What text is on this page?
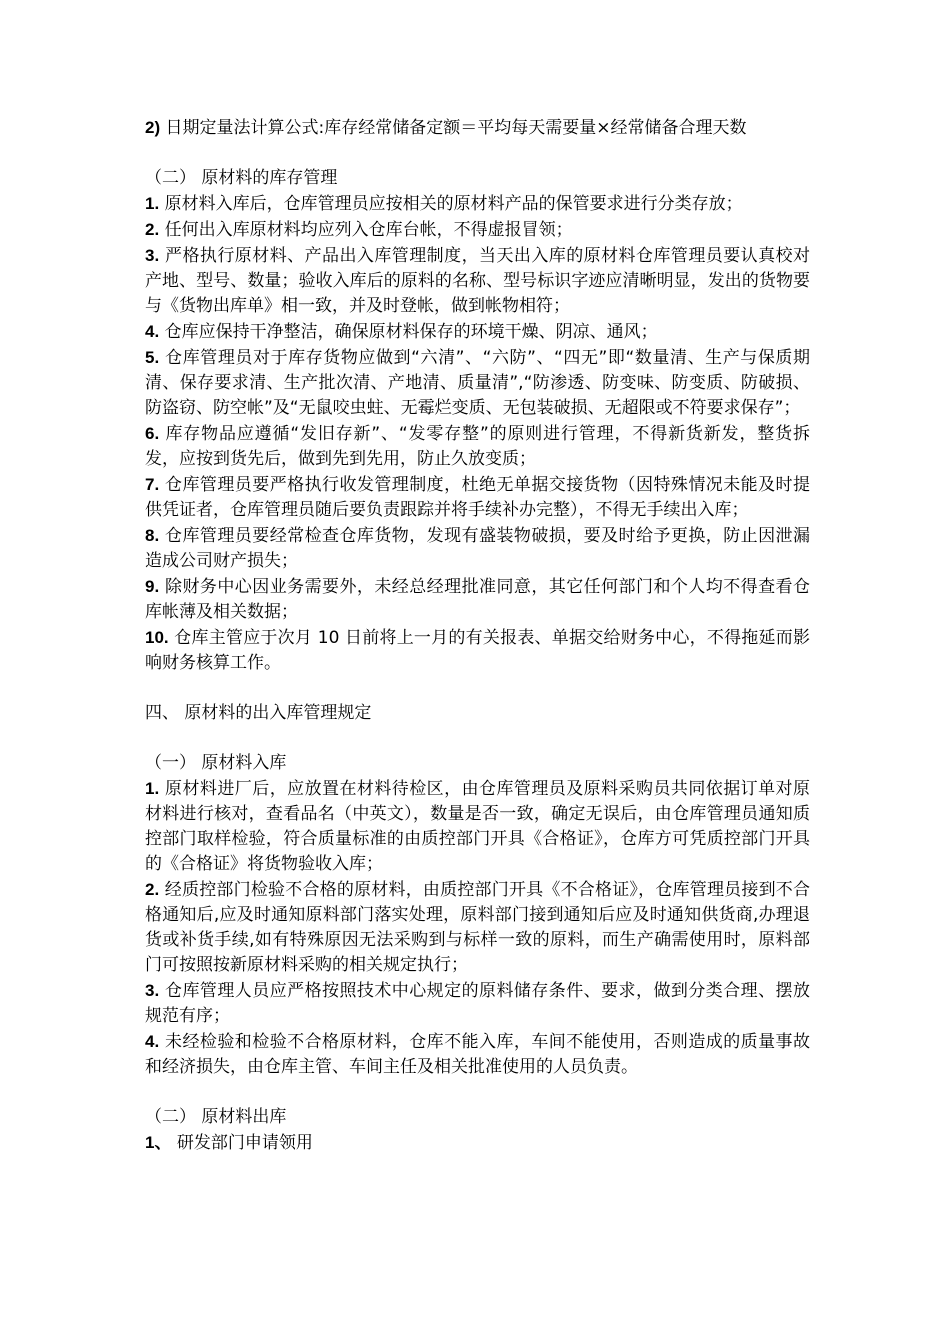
2) 日期定量法计算公式:库存经常储备定额＝平均每天需要量×经常储备合理天数

（二） 原材料的库存管理

1. 原材料入库后，仓库管理员应按相关的原材料产品的保管要求进行分类存放；

2. 任何出入库原材料均应列入仓库台帐，不得虚报冒领；

3. 严格执行原材料、产品出入库管理制度，当天出入库的原材料仓库管理员要认真校对产地、型号、数量；验收入库后的原料的名称、型号标识字迹应清晰明显，发出的货物要与《货物出库单》相一致，并及时登帐，做到帐物相符；

4. 仓库应保持干净整洁，确保原材料保存的环境干燥、阴凉、通风；

5. 仓库管理员对于库存货物应做到“六清”、“六防”、“四无”即“数量清、生产与保质期清、保存要求清、生产批次清、产地清、质量清”,“防渗透、防变味、防变质、防破损、防盗窃、防空帐”及“无鼠咬虫蛀、无霉烂变质、无包装破损、无超限或不符要求保存”；

6. 库存物品应遵循“发旧存新”、“发零存整”的原则进行管理，不得新货新发，整货拆发，应按到货先后，做到先到先用，防止久放变质；

7. 仓库管理员要严格执行收发管理制度，杜绝无单据交接货物（因特殊情况未能及时提供凭证者，仓库管理员随后要负责跟踪并将手续补办完整），不得无手续出入库；

8. 仓库管理员要经常检查仓库货物，发现有盛装物破损，要及时给予更换，防止因泄漏造成公司财产损失；

9. 除财务中心因业务需要外，未经总经理批准同意，其它任何部门和个人均不得查看仓库帐薄及相关数据；

10. 仓库主管应于次月 10 日前将上一月的有关报表、单据交给财务中心，不得拖延而影响财务核算工作。

四、 原材料的出入库管理规定

（一） 原材料入库

1. 原材料进厂后，应放置在材料待检区，由仓库管理员及原料采购员共同依据订单对原材料进行核对，查看品名（中英文），数量是否一致，确定无误后，由仓库管理员通知质控部门取样检验，符合质量标准的由质控部门开具《合格证》，仓库方可凭质控部门开具的《合格证》将货物验收入库；

2. 经质控部门检验不合格的原材料，由质控部门开具《不合格证》，仓库管理员接到不合格通知后,应及时通知原料部门落实处理，原料部门接到通知后应及时通知供货商,办理退货或补货手续,如有特殊原因无法采购到与标样一致的原料，而生产确需使用时，原料部门可按照按新原材料采购的相关规定执行；

3. 仓库管理人员应严格按照技术中心规定的原料储存条件、要求，做到分类合理、摆放规范有序；

4. 未经检验和检验不合格原材料，仓库不能入库，车间不能使用，否则造成的质量事故和经济损失，由仓库主管、车间主任及相关批准使用的人员负责。

（二） 原材料出库

1、 研发部门申请领用
